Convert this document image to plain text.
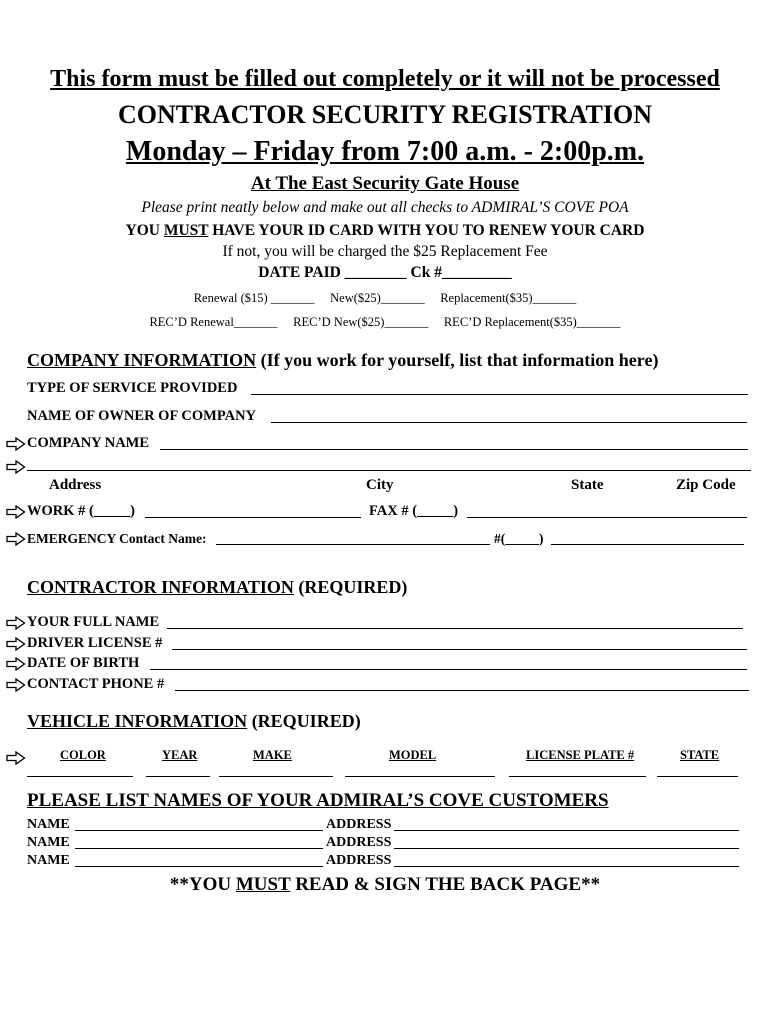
This form must be filled out completely or it will not be processed
CONTRACTOR SECURITY REGISTRATION
Monday – Friday from 7:00 a.m. - 2:00p.m.
At The East Security Gate House
Please print neatly below and make out all checks to ADMIRAL’S COVE POA
YOU MUST HAVE YOUR ID CARD WITH YOU TO RENEW YOUR CARD
If not, you will be charged the $25 Replacement Fee
DATE PAID ________ Ck #_________
Renewal ($15) _______     New($25)_______     Replacement($35)_______
REC’D Renewal_______     REC’D New($25)_______     REC’D Replacement($35)_______
COMPANY INFORMATION (If you work for yourself, list that information here)
TYPE OF SERVICE PROVIDED
NAME OF OWNER OF COMPANY
COMPANY NAME
Address	City	State	Zip Code
WORK # (_____)	FAX # (_____)
EMERGENCY Contact Name:	#(_____)
CONTRACTOR INFORMATION (REQUIRED)
YOUR FULL NAME
DRIVER LICENSE #
DATE OF BIRTH
CONTACT PHONE #
VEHICLE INFORMATION (REQUIRED)
COLOR	YEAR	MAKE	MODEL	LICENSE PLATE #	STATE
PLEASE LIST NAMES OF YOUR ADMIRAL’S COVE CUSTOMERS
NAME	ADDRESS
NAME	ADDRESS
NAME	ADDRESS
**YOU MUST READ & SIGN THE BACK PAGE**
